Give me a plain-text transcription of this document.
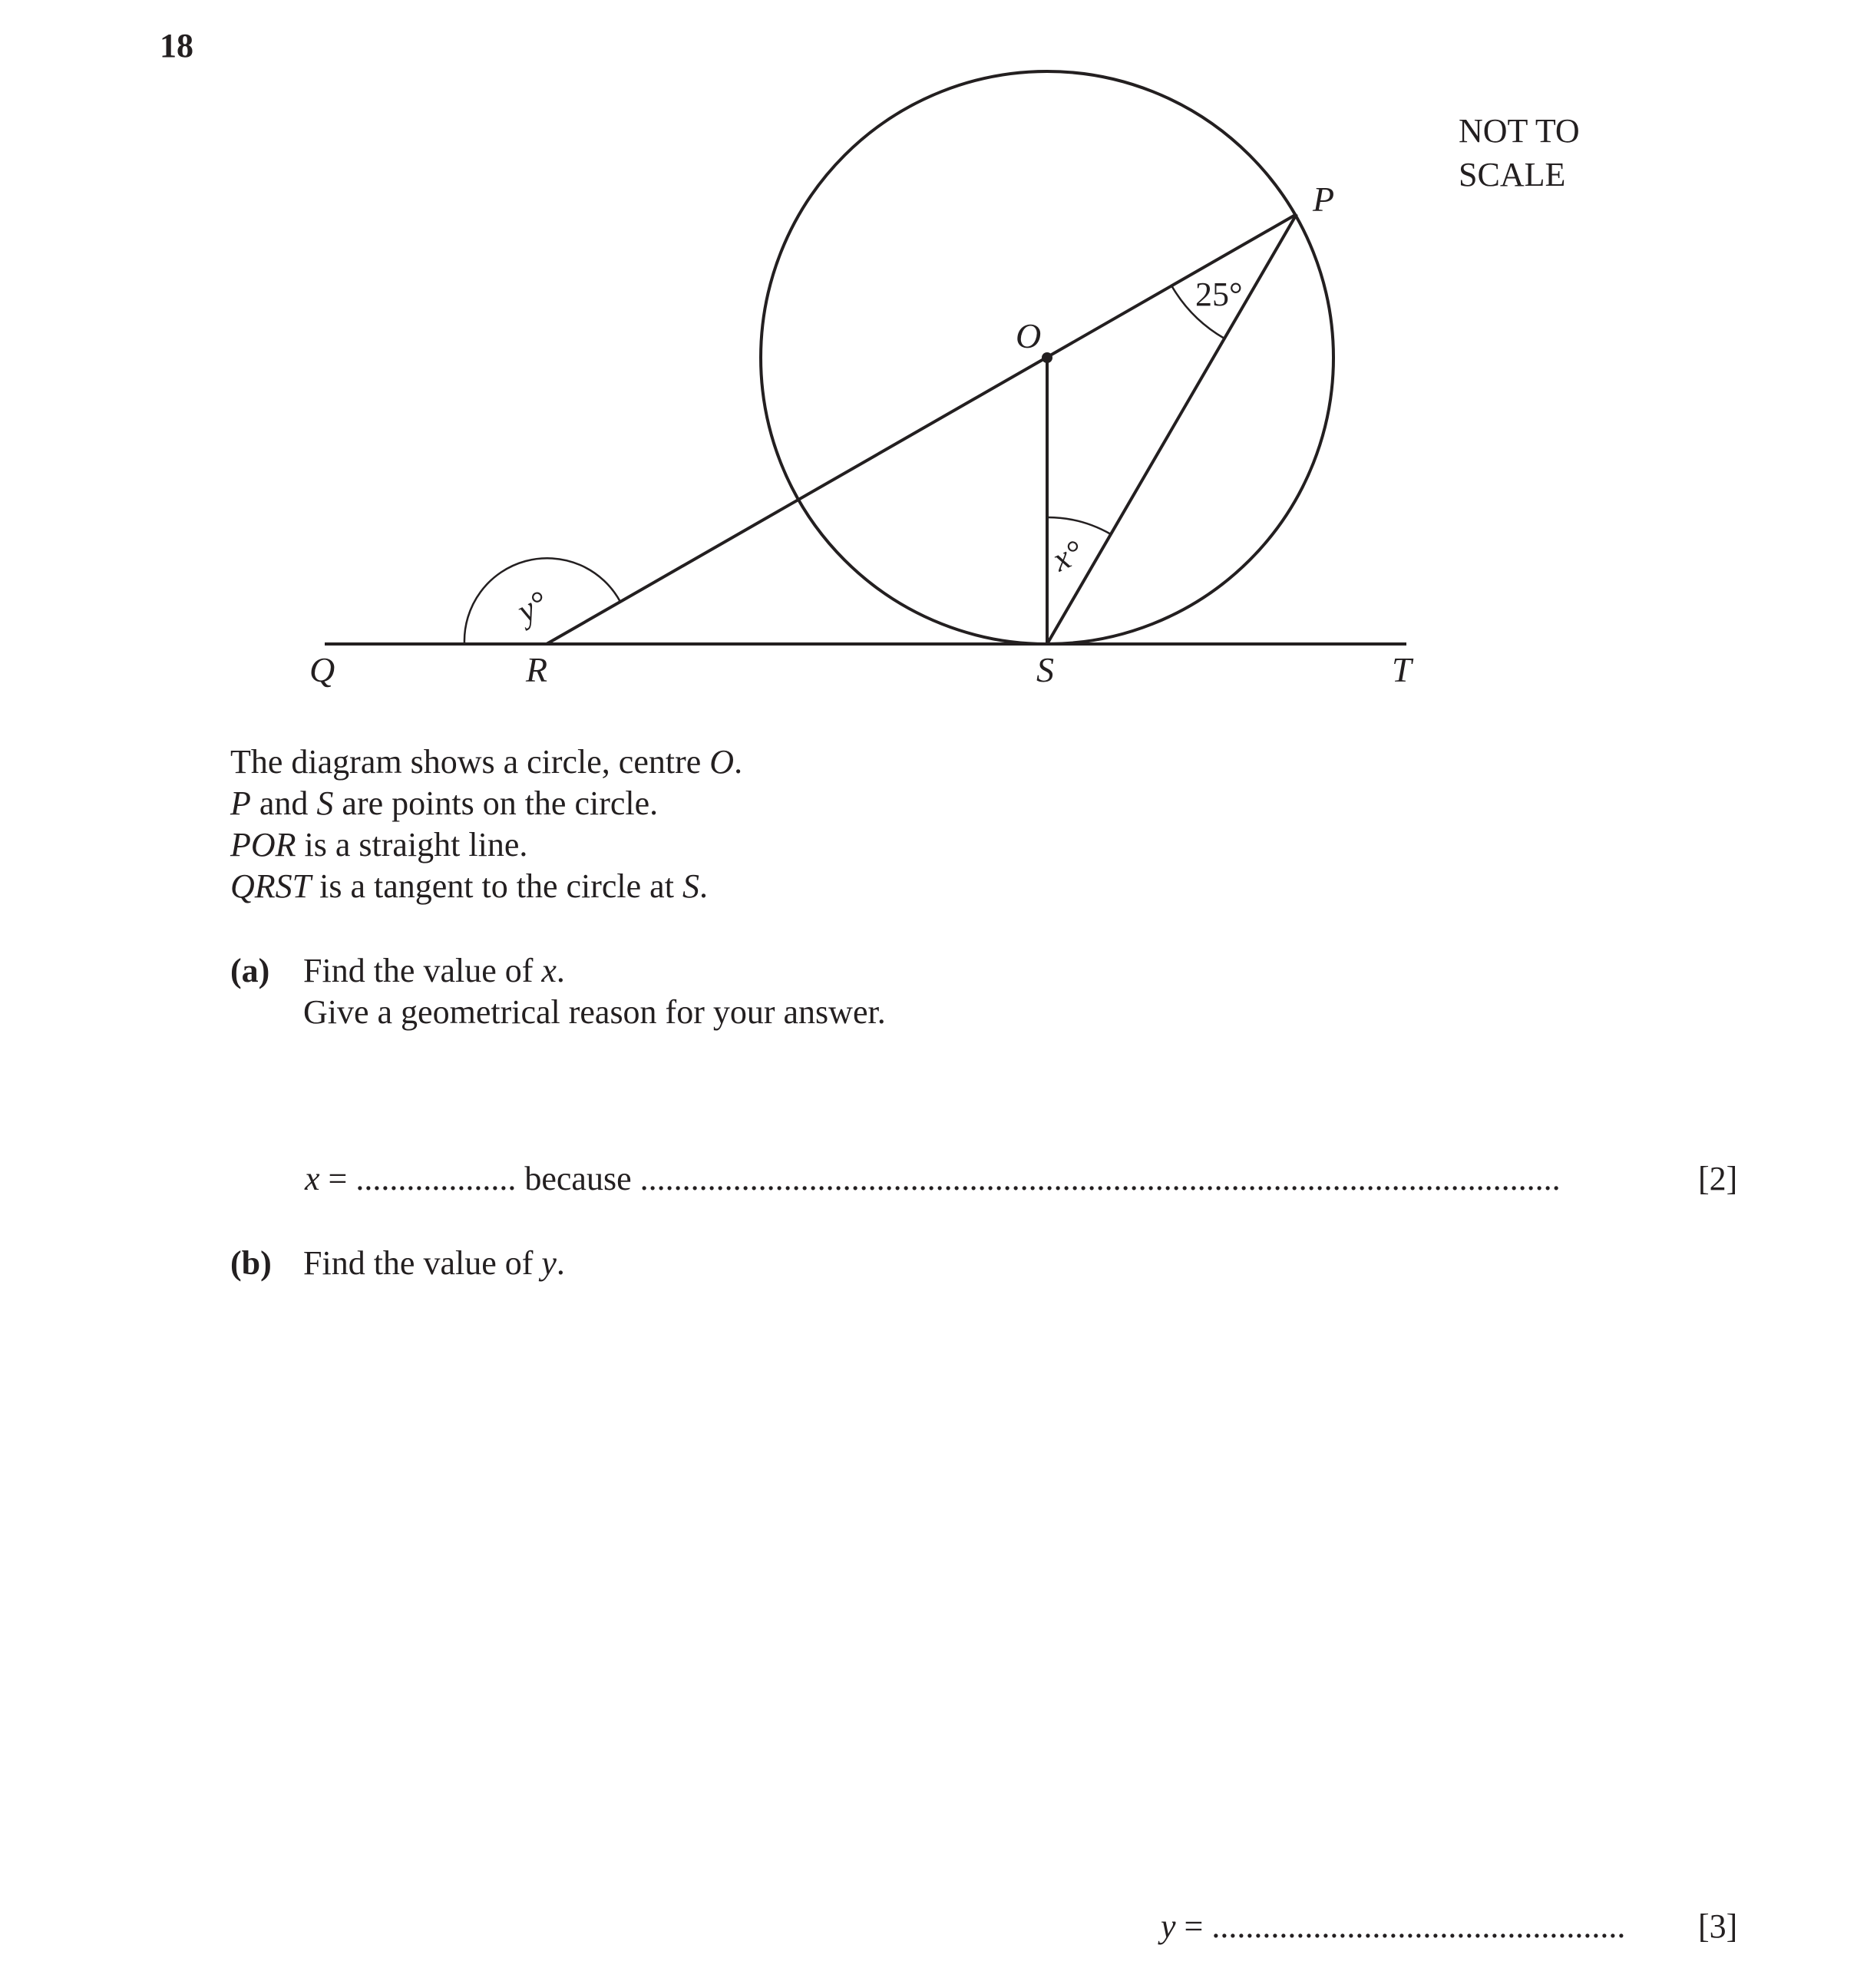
18
NOT TO
SCALE
O
P
Q	R	S	T
25°
x°
y°
The diagram shows a circle, centre O.
P and S are points on the circle.
POR is a straight line.
QRST is a tangent to the circle at S.
(a) Find the value of x.
Give a geometrical reason for your answer.
x = ................... because .............................................................................................................	[2]
(b) Find the value of y.
y = ................................................. [3]
